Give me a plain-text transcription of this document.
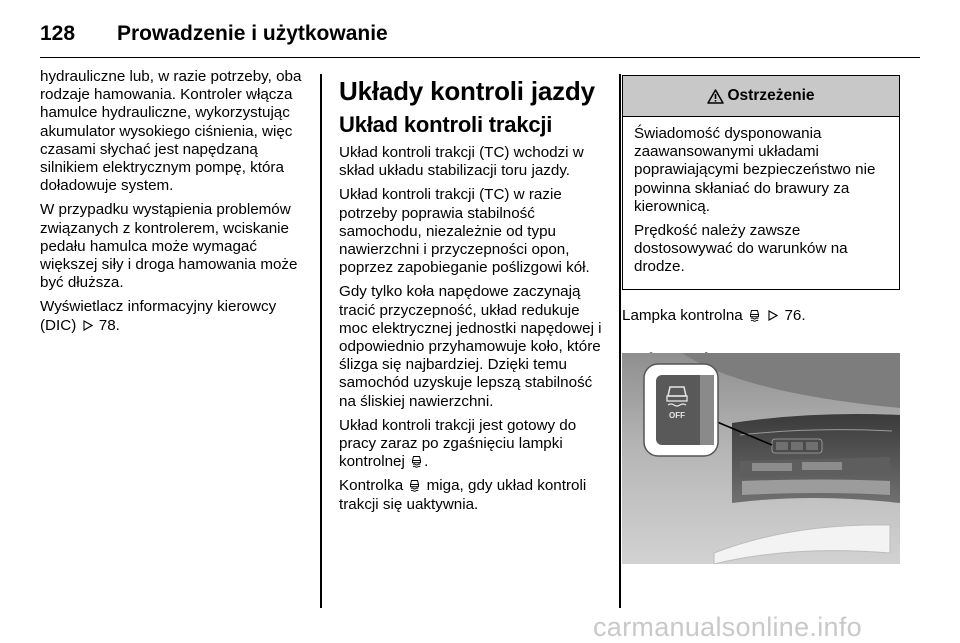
128 Prowadzenie i użytkowanie

hydrauliczne lub, w razie potrzeby, oba rodzaje hamowania. Kontroler włącza hamulce hydrauliczne, wykorzystując akumulator wysokiego ciśnienia, więc czasami słychać jest napędzaną silnikiem elektrycznym pompę, która doładowuje system.

W przypadku wystąpienia problemów związanych z kontrolerem, wciskanie pedału hamulca może wymagać większej siły i droga hamowania może być dłuższa.

Wyświetlacz informacyjny kierowcy (DIC) 78.

Układy kontroli jazdy
Układ kontroli trakcji

Układ kontroli trakcji (TC) wchodzi w skład układu stabilizacji toru jazdy.

Układ kontroli trakcji (TC) w razie potrzeby poprawia stabilność samochodu, niezależnie od typu nawierzchni i przyczepności opon, poprzez zapobieganie poślizgowi kół.

Gdy tylko koła napędowe zaczynają tracić przyczepność, układ redukuje moc elektrycznej jednostki napędowej i odpowiednio przyhamowuje koło, które ślizga się najbardziej. Dzięki temu samochód uzyskuje lepszą stabilność na śliskiej nawierzchni.

Układ kontroli trakcji jest gotowy do pracy zaraz po zgaśnięciu lampki kontrolnej .

Kontrolka miga, gdy układ kontroli trakcji się uaktywnia.

Ostrzeżenie

Świadomość dysponowania zaawansowanymi układami poprawiającymi bezpieczeństwo nie powinna skłaniać do brawury za kierownicą.

Prędkość należy zawsze dostosowywać do warunków na drodze.

Lampka kontrolna	76.

OFF
carmanualsonline.info
